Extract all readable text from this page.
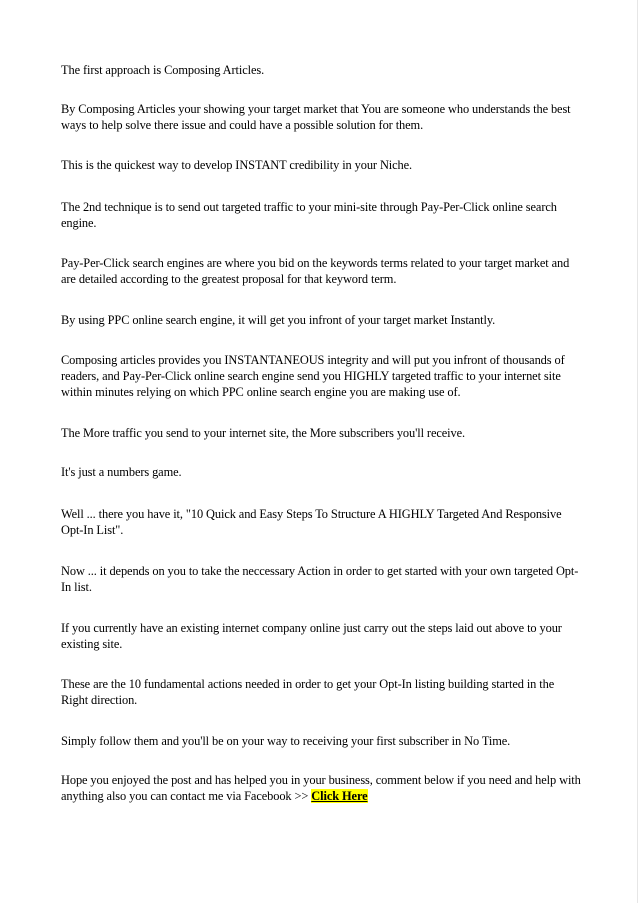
The first approach is Composing Articles.

By Composing Articles your showing your target market that You are someone who understands the best ways to help solve there issue and could have a possible solution for them.

This is the quickest way to develop INSTANT credibility in your Niche.

The 2nd technique is to send out targeted traffic to your mini-site through Pay-Per-Click online search engine.

Pay-Per-Click search engines are where you bid on the keywords terms related to your target market and are detailed according to the greatest proposal for that keyword term.

By using PPC online search engine, it will get you infront of your target market Instantly.

Composing articles provides you INSTANTANEOUS integrity and will put you infront of thousands of readers, and Pay-Per-Click online search engine send you HIGHLY targeted traffic to your internet site within minutes relying on which PPC online search engine you are making use of.

The More traffic you send to your internet site, the More subscribers you'll receive.

It's just a numbers game.

Well ... there you have it, "10 Quick and Easy Steps To Structure A HIGHLY Targeted And Responsive Opt-In List".

Now ... it depends on you to take the neccessary Action in order to get started with your own targeted Opt-In list.

If you currently have an existing internet company online just carry out the steps laid out above to your existing site.

These are the 10 fundamental actions needed in order to get your Opt-In listing building started in the Right direction.

Simply follow them and you'll be on your way to receiving your first subscriber in No Time.

Hope you enjoyed the post and has helped you in your business, comment below if you need and help with anything also you can contact me via Facebook >> Click Here
